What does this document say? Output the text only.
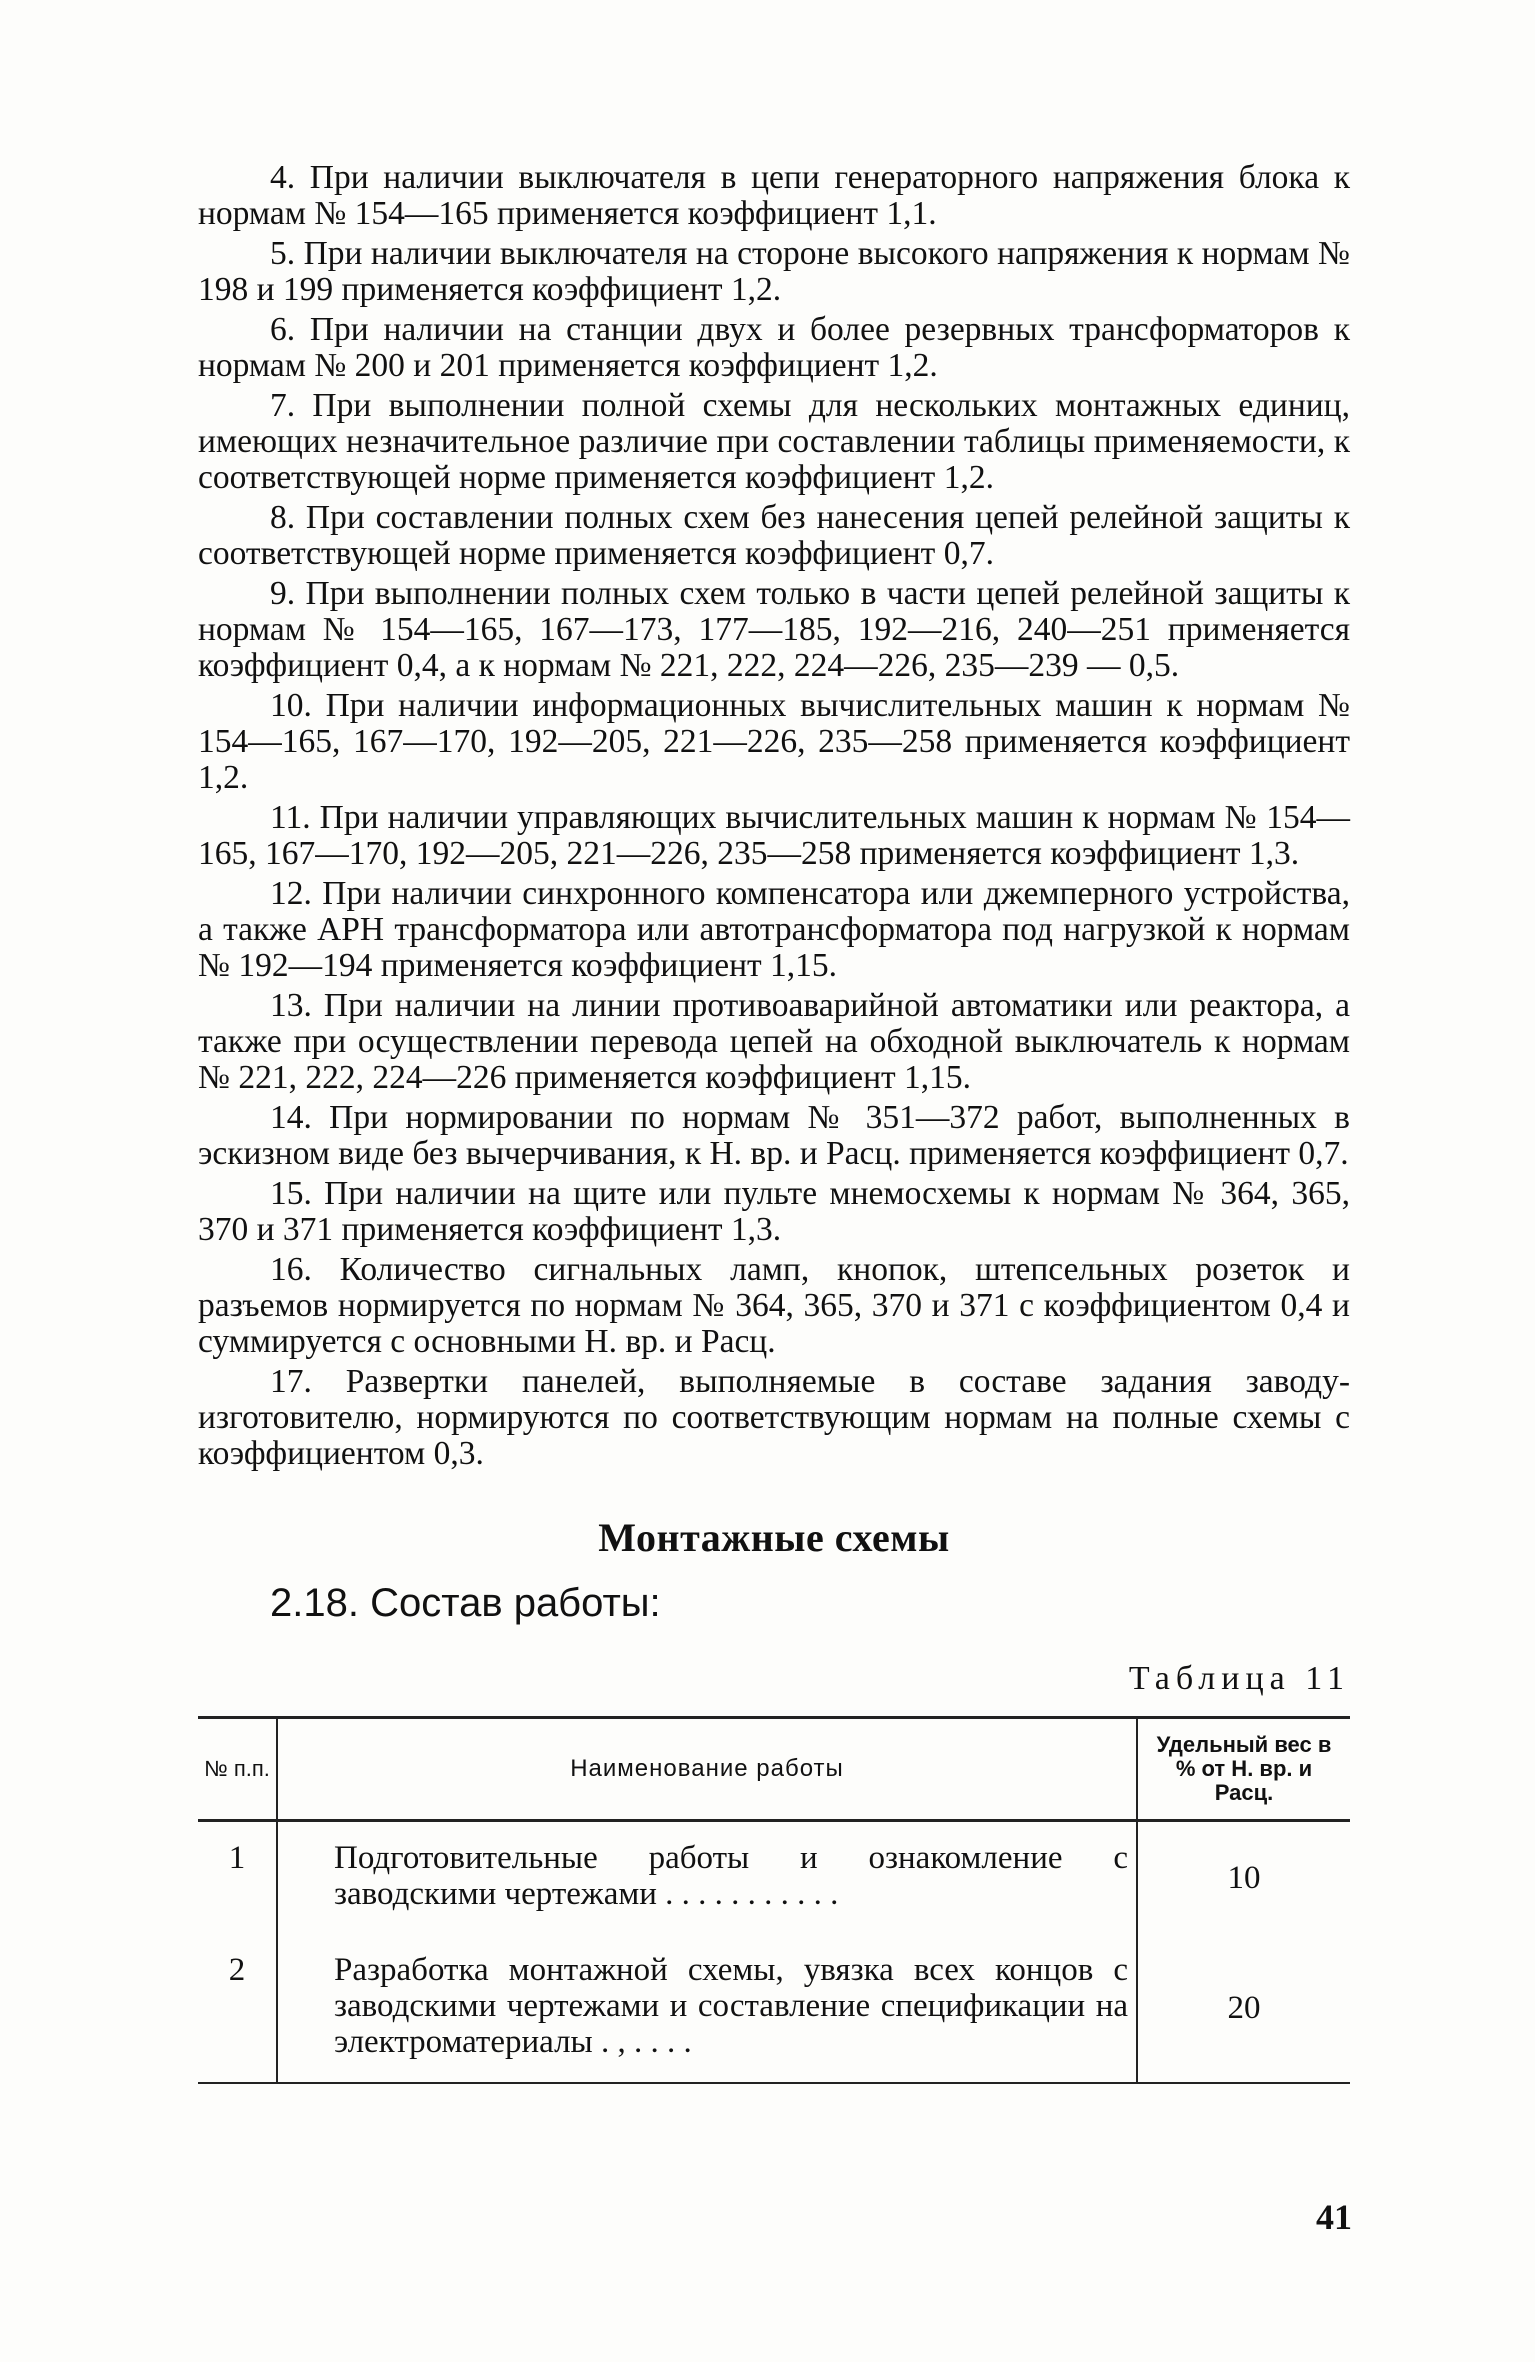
4. При наличии выключателя в цепи генераторного напряжения блока к нормам № 154—165 применяется коэффициент 1,1.

5. При наличии выключателя на стороне высокого напряжения к нормам № 198 и 199 применяется коэффициент 1,2.

6. При наличии на станции двух и более резервных трансформаторов к нормам № 200 и 201 применяется коэффициент 1,2.

7. При выполнении полной схемы для нескольких монтажных единиц, имеющих незначительное различие при составлении таблицы применяемости, к соответствующей норме применяется коэффициент 1,2.

8. При составлении полных схем без нанесения цепей релейной защиты к соответствующей норме применяется коэффициент 0,7.

9. При выполнении полных схем только в части цепей релейной защиты к нормам № 154—165, 167—173, 177—185, 192—216, 240—251 применяется коэффициент 0,4, а к нормам № 221, 222, 224—226, 235—239 — 0,5.

10. При наличии информационных вычислительных машин к нормам № 154—165, 167—170, 192—205, 221—226, 235—258 применяется коэффициент 1,2.

11. При наличии управляющих вычислительных машин к нормам № 154—165, 167—170, 192—205, 221—226, 235—258 применяется коэффициент 1,3.

12. При наличии синхронного компенсатора или джемперного устройства, а также АРН трансформатора или автотрансформатора под нагрузкой к нормам № 192—194 применяется коэффициент 1,15.

13. При наличии на линии противоаварийной автоматики или реактора, а также при осуществлении перевода цепей на обходной выключатель к нормам № 221, 222, 224—226 применяется коэффициент 1,15.

14. При нормировании по нормам № 351—372 работ, выполненных в эскизном виде без вычерчивания, к Н. вр. и Расц. применяется коэффициент 0,7.

15. При наличии на щите или пульте мнемосхемы к нормам № 364, 365, 370 и 371 применяется коэффициент 1,3.

16. Количество сигнальных ламп, кнопок, штепсельных розеток и разъемов нормируется по нормам № 364, 365, 370 и 371 с коэффициентом 0,4 и суммируется с основными Н. вр. и Расц.

17. Развертки панелей, выполняемые в составе задания заводу-изготовителю, нормируются по соответствующим нормам на полные схемы с коэффициентом 0,3.

Монтажные схемы
2.18. Состав работы:
Таблица 11
№ п.п.	Наименование работы	Удельный вес в % от Н. вр. и Расц.
1	Подготовительные работы и ознакомление с заводскими чертежами . . . . . . . . . . .	10
2	Разработка монтажной схемы, увязка всех концов с заводскими чертежами и составление спецификации на электроматериалы . , . . . .	20
41
